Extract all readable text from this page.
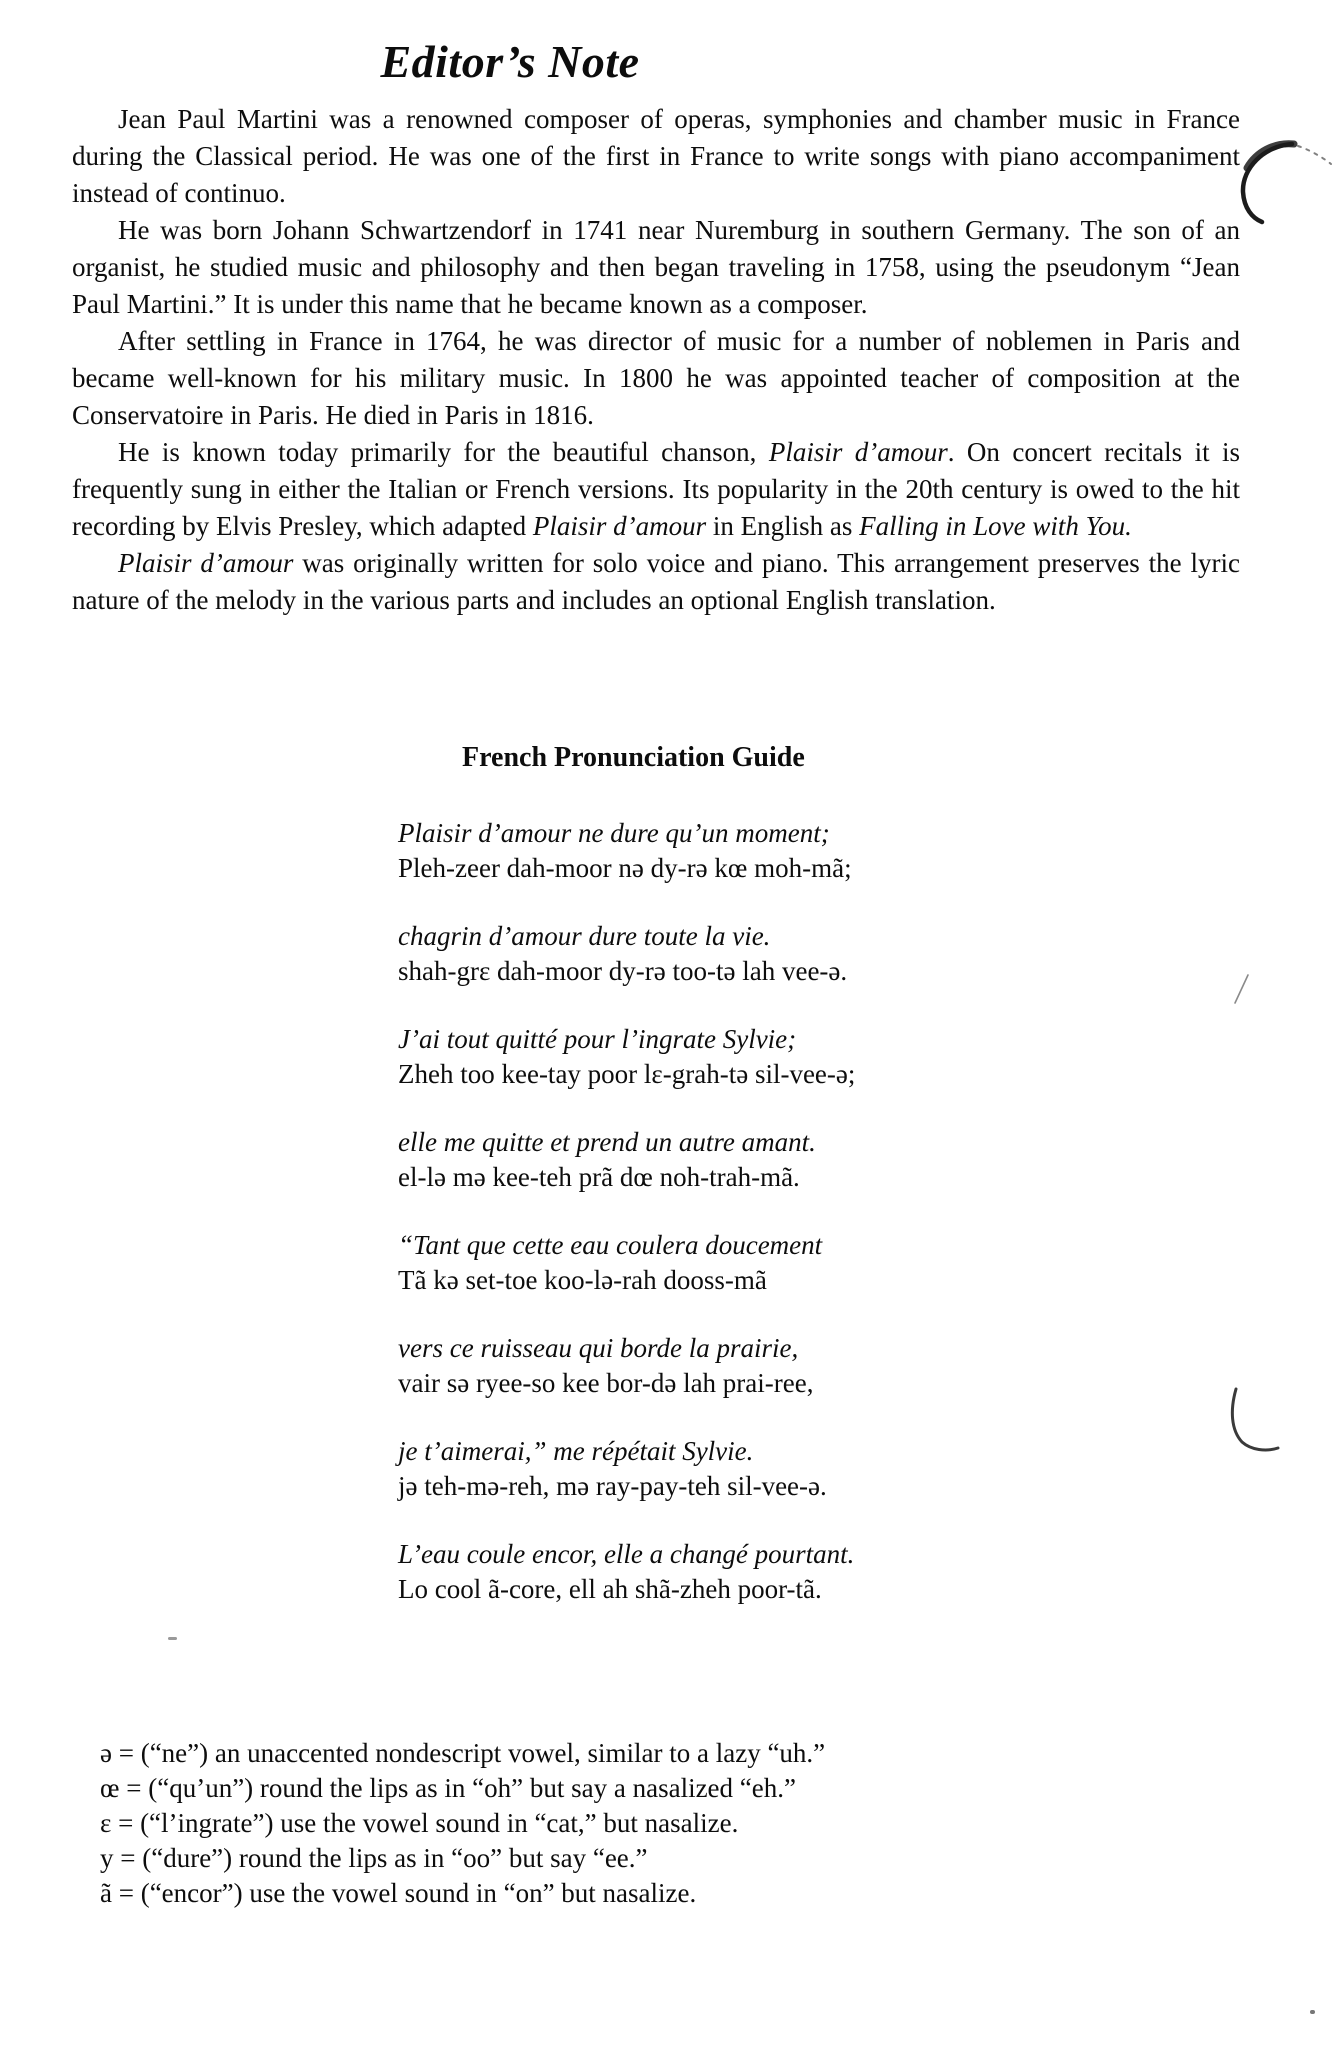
Editor’s Note

Jean Paul Martini was a renowned composer of operas, symphonies and chamber music in France during the Classical period. He was one of the first in France to write songs with piano accompaniment instead of continuo.

He was born Johann Schwartzendorf in 1741 near Nuremburg in southern Germany. The son of an organist, he studied music and philosophy and then began traveling in 1758, using the pseudonym “Jean Paul Martini.” It is under this name that he became known as a composer.

After settling in France in 1764, he was director of music for a number of noblemen in Paris and became well-known for his military music. In 1800 he was appointed teacher of composition at the Conservatoire in Paris. He died in Paris in 1816.

He is known today primarily for the beautiful chanson, Plaisir d’amour. On concert recitals it is frequently sung in either the Italian or French versions. Its popularity in the 20th century is owed to the hit recording by Elvis Presley, which adapted Plaisir d’amour in English as Falling in Love with You.

Plaisir d’amour was originally written for solo voice and piano. This arrangement preserves the lyric nature of the melody in the various parts and includes an optional English translation.

French Pronunciation Guide
Plaisir d’amour ne dure qu’un moment;
Pleh-zeer dah-moor nə dy-rə kœ moh-mã;
chagrin d’amour dure toute la vie.
shah-grɛ dah-moor dy-rə too-tə lah vee-ə.
J’ai tout quitté pour l’ingrate Sylvie;
Zheh too kee-tay poor lɛ-grah-tə sil-vee-ə;
elle me quitte et prend un autre amant.
el-lə mə kee-teh prã dœ noh-trah-mã.
“Tant que cette eau coulera doucement
Tã kə set-toe koo-lə-rah dooss-mã
vers ce ruisseau qui borde la prairie,
vair sə ryee-so kee bor-də lah prai-ree,
je t’aimerai,” me répétait Sylvie.
jə teh-mə-reh, mə ray-pay-teh sil-vee-ə.
L’eau coule encor, elle a changé pourtant.
Lo cool ã-core, ell ah shã-zheh poor-tã.
ə = (“ne”) an unaccented nondescript vowel, similar to a lazy “uh.”
œ = (“qu’un”) round the lips as in “oh” but say a nasalized “eh.”
ɛ = (“l’ingrate”) use the vowel sound in “cat,” but nasalize.
y = (“dure”) round the lips as in “oo” but say “ee.”
ã = (“encor”) use the vowel sound in “on” but nasalize.
